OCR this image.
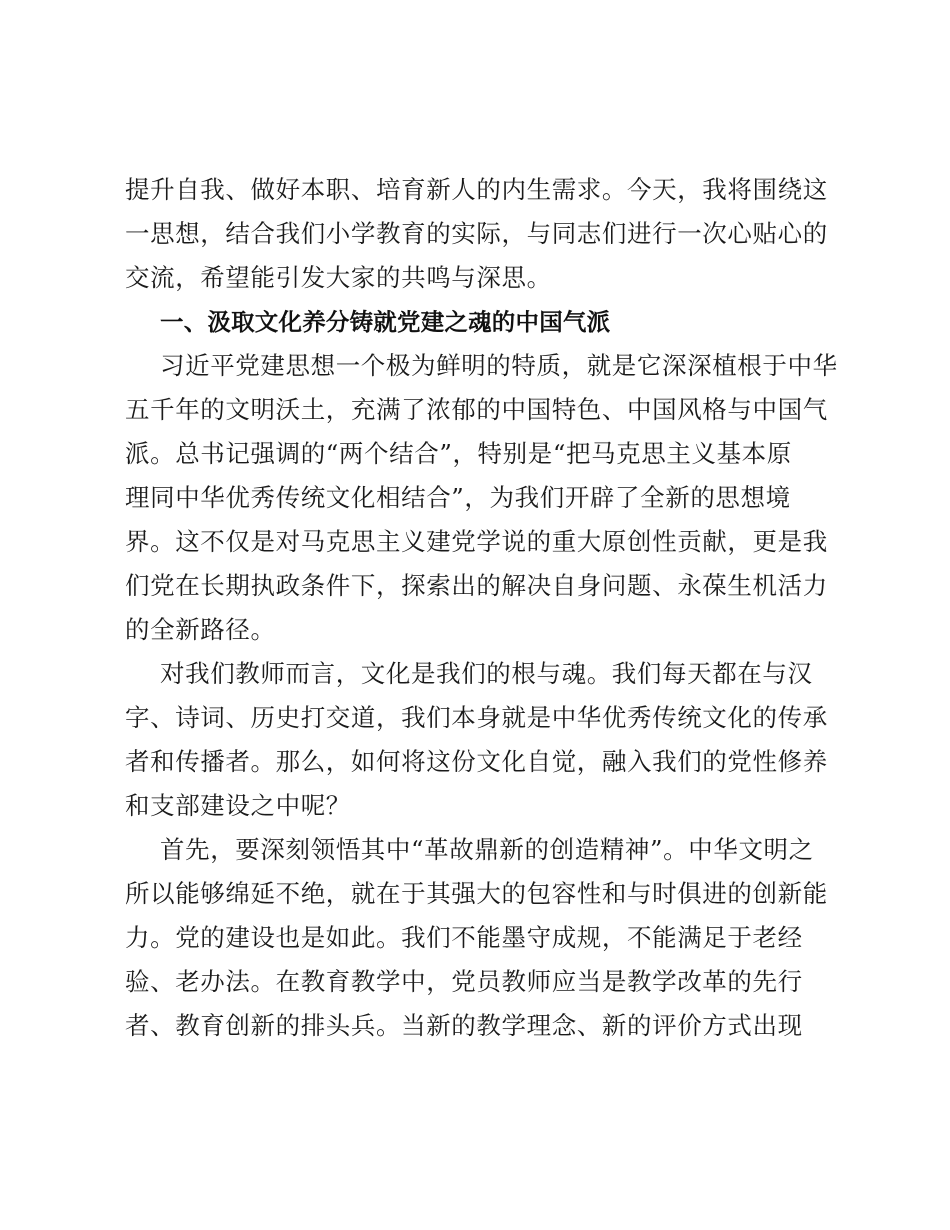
提升自我、做好本职、培育新人的内生需求。今天，我将围绕这
一思想，结合我们小学教育的实际，与同志们进行一次心贴心的
交流，希望能引发大家的共鸣与深思。
一、汲取文化养分铸就党建之魂的中国气派
习近平党建思想一个极为鲜明的特质，就是它深深植根于中华
五千年的文明沃土，充满了浓郁的中国特色、中国风格与中国气
派。总书记强调的“两个结合”，特别是“把马克思主义基本原
理同中华优秀传统文化相结合”，为我们开辟了全新的思想境
界。这不仅是对马克思主义建党学说的重大原创性贡献，更是我
们党在长期执政条件下，探索出的解决自身问题、永葆生机活力
的全新路径。
对我们教师而言，文化是我们的根与魂。我们每天都在与汉
字、诗词、历史打交道，我们本身就是中华优秀传统文化的传承
者和传播者。那么，如何将这份文化自觉，融入我们的党性修养
和支部建设之中呢？
首先，要深刻领悟其中“革故鼎新的创造精神”。中华文明之
所以能够绵延不绝，就在于其强大的包容性和与时俱进的创新能
力。党的建设也是如此。我们不能墨守成规，不能满足于老经
验、老办法。在教育教学中，党员教师应当是教学改革的先行
者、教育创新的排头兵。当新的教学理念、新的评价方式出现
